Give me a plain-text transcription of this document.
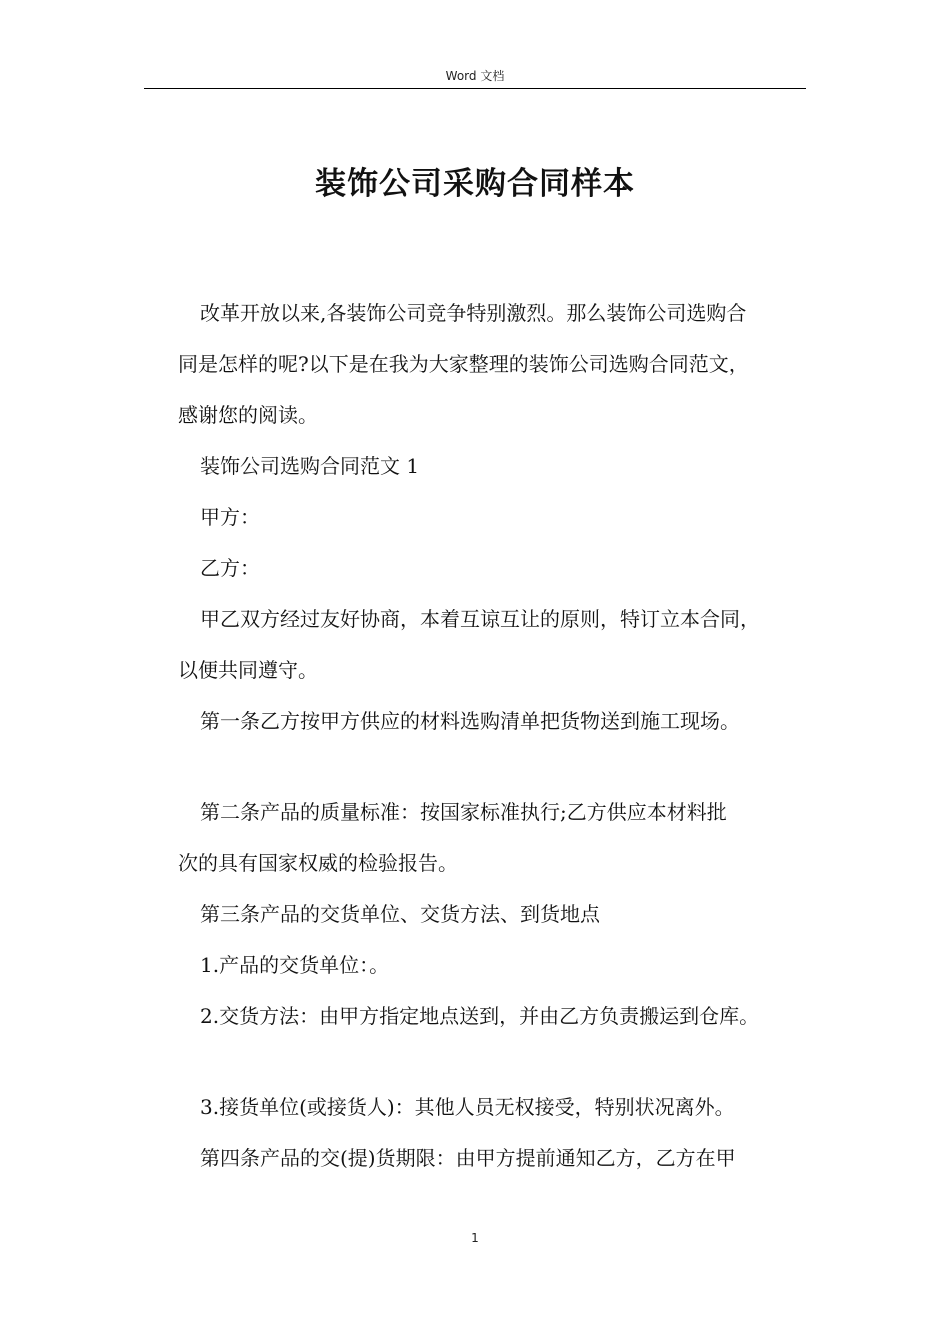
Word 文档
装饰公司采购合同样本

改革开放以来,各装饰公司竞争特别激烈。那么装饰公司选购合

同是怎样的呢?以下是在我为大家整理的装饰公司选购合同范文，

感谢您的阅读。

装饰公司选购合同范文 1

甲方：

乙方：

甲乙双方经过友好协商，本着互谅互让的原则，特订立本合同，

以便共同遵守。

第一条乙方按甲方供应的材料选购清单把货物送到施工现场。

第二条产品的质量标准：按国家标准执行;乙方供应本材料批

次的具有国家权威的检验报告。

第三条产品的交货单位、交货方法、到货地点

1.产品的交货单位：。

2.交货方法：由甲方指定地点送到，并由乙方负责搬运到仓库。

3.接货单位(或接货人)：其他人员无权接受，特别状况离外。

第四条产品的交(提)货期限：由甲方提前通知乙方，乙方在甲

1
